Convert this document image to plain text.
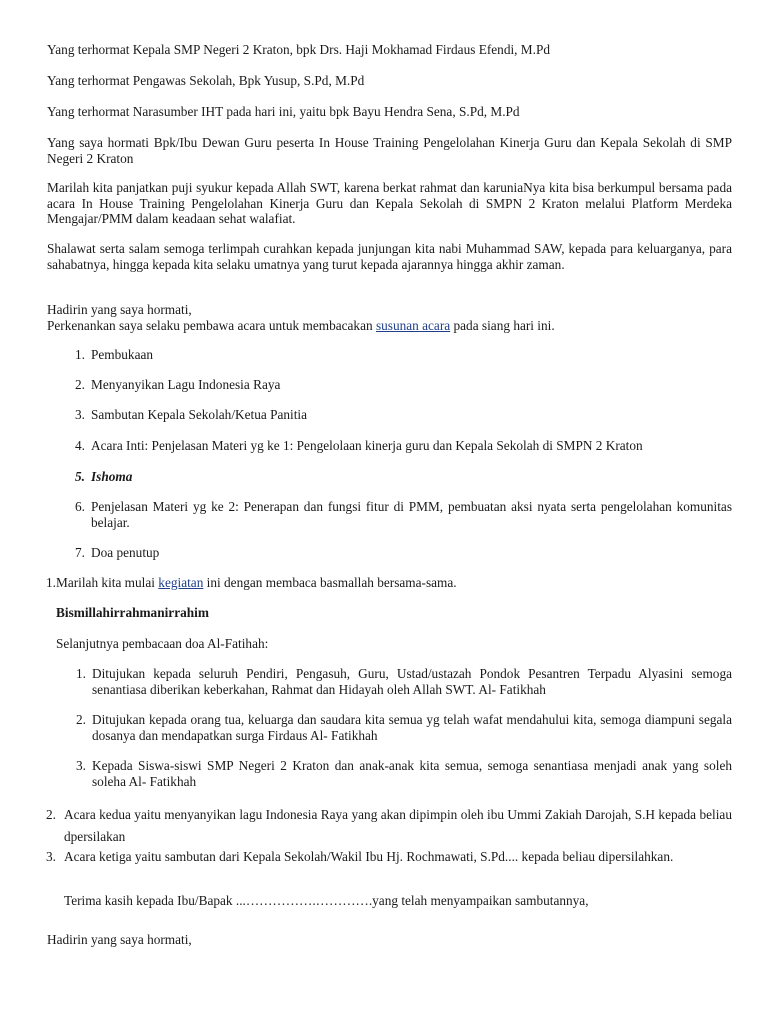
Yang terhormat Kepala SMP Negeri 2 Kraton, bpk Drs. Haji Mokhamad Firdaus Efendi, M.Pd

Yang terhormat Pengawas Sekolah, Bpk Yusup, S.Pd, M.Pd

Yang terhormat Narasumber IHT pada hari ini, yaitu bpk Bayu Hendra Sena, S.Pd, M.Pd

Yang saya hormati Bpk/Ibu Dewan Guru peserta In House Training Pengelolahan Kinerja Guru dan Kepala Sekolah di SMP Negeri 2 Kraton

Marilah kita panjatkan puji syukur kepada Allah SWT, karena berkat rahmat dan karuniaNya kita bisa berkumpul bersama pada acara In House Training Pengelolahan Kinerja Guru dan Kepala Sekolah di SMPN 2 Kraton melalui Platform Merdeka Mengajar/PMM dalam keadaan sehat walafiat.

Shalawat serta salam semoga terlimpah curahkan kepada junjungan kita nabi Muhammad SAW, kepada para keluarganya, para sahabatnya, hingga kepada kita selaku umatnya yang turut kepada ajarannya hingga akhir zaman.

Hadirin yang saya hormati,
Perkenankan saya selaku pembawa acara untuk membacakan susunan acara pada siang hari ini.

1. Pembukaan
2. Menyanyikan Lagu Indonesia Raya
3. Sambutan Kepala Sekolah/Ketua Panitia
4. Acara Inti: Penjelasan Materi yg ke 1: Pengelolaan kinerja guru dan Kepala Sekolah di SMPN 2 Kraton
5. Ishoma
6. Penjelasan Materi yg ke 2: Penerapan dan fungsi fitur di PMM, pembuatan aksi nyata serta pengelolahan komunitas belajar.
7. Doa penutup
1. Marilah kita mulai kegiatan ini dengan membaca basmallah bersama-sama.

Bismillahirrahmanirrahim

Selanjutnya pembacaan doa Al-Fatihah:

1. Ditujukan kepada seluruh Pendiri, Pengasuh, Guru, Ustad/ustazah Pondok Pesantren Terpadu Alyasini semoga senantiasa diberikan keberkahan, Rahmat dan Hidayah oleh Allah SWT. Al- Fatikhah
2. Ditujukan kepada orang tua, keluarga dan saudara kita semua yg telah wafat mendahului kita, semoga diampuni segala dosanya dan mendapatkan surga Firdaus Al- Fatikhah
3. Kepada Siswa-siswi SMP Negeri 2 Kraton dan anak-anak kita semua, semoga senantiasa menjadi anak yang soleh soleha Al- Fatikhah
2. Acara kedua yaitu menyanyikan lagu Indonesia Raya yang akan dipimpin oleh ibu Ummi Zakiah Darojah, S.H kepada beliau dpersilakan
3. Acara ketiga yaitu sambutan dari Kepala Sekolah/Wakil Ibu Hj. Rochmawati, S.Pd.... kepada beliau dipersilahkan.

Terima kasih kepada Ibu/Bapak ...…………….………….yang telah menyampaikan sambutannya,

Hadirin yang saya hormati,
